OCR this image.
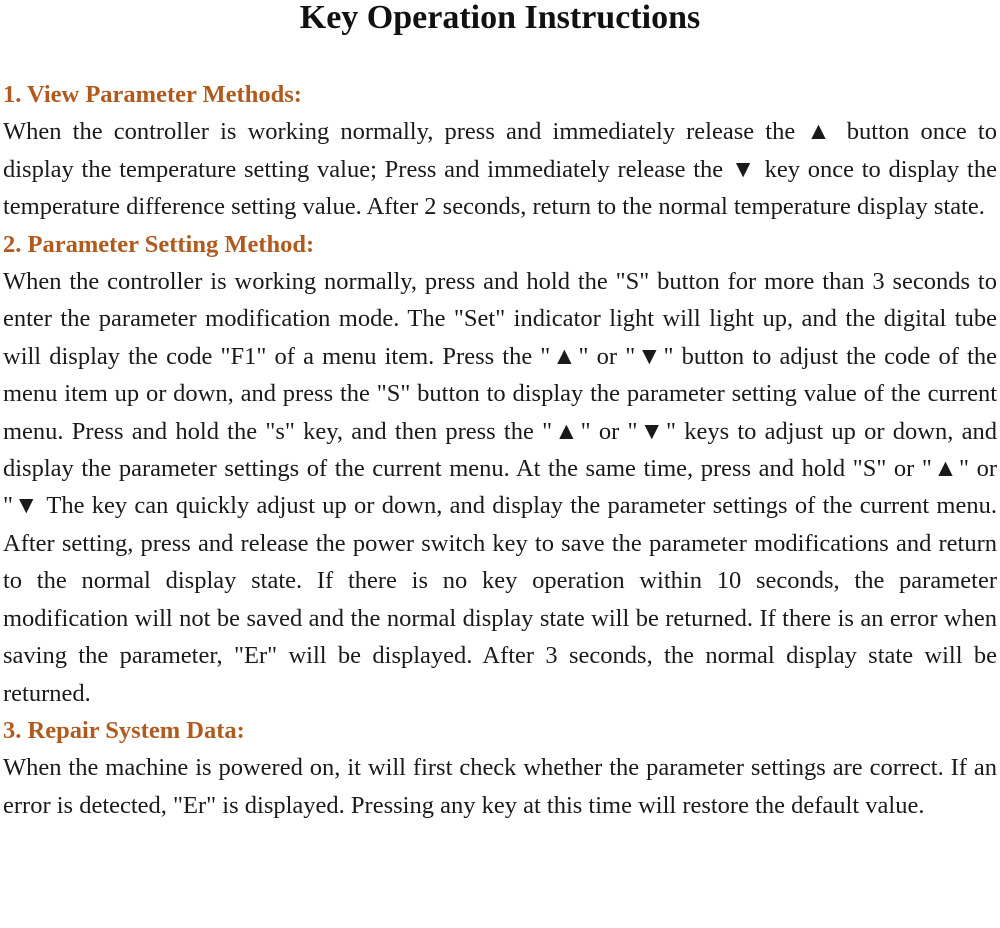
Key Operation Instructions
1. View Parameter Methods:

When the controller is working normally, press and immediately release the ▲ button once to display the temperature setting value; Press and immediately release the ▼ key once to display the temperature difference setting value. After 2 seconds, return to the normal temperature display state.

2. Parameter Setting Method:

When the controller is working normally, press and hold the "S" button for more than 3 seconds to enter the parameter modification mode. The "Set" indicator light will light up, and the digital tube will display the code "F1" of a menu item. Press the "▲" or "▼" button to adjust the code of the menu item up or down, and press the "S" button to display the parameter setting value of the current menu. Press and hold the "s" key, and then press the "▲" or "▼" keys to adjust up or down, and display the parameter settings of the current menu. At the same time, press and hold "S" or "▲" or "▼ The key can quickly adjust up or down, and display the parameter settings of the current menu. After setting, press and release the power switch key to save the parameter modifications and return to the normal display state. If there is no key operation within 10 seconds, the parameter modification will not be saved and the normal display state will be returned. If there is an error when saving the parameter, "Er" will be displayed. After 3 seconds, the normal display state will be returned.

3. Repair System Data:

When the machine is powered on, it will first check whether the parameter settings are correct. If an error is detected, "Er" is displayed. Pressing any key at this time will restore the default value.
